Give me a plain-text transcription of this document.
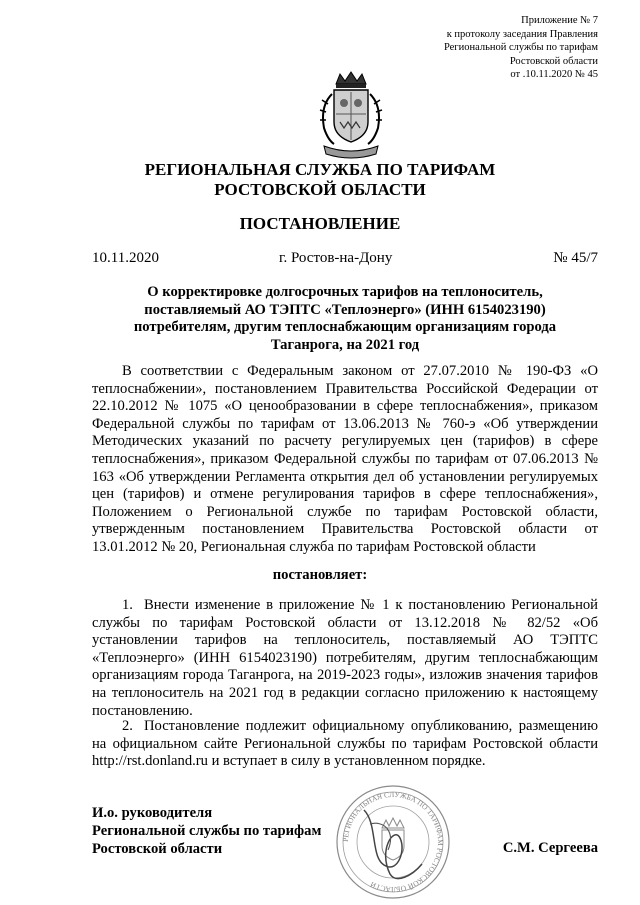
Приложение № 7
к протоколу заседания Правления
Региональной службы по тарифам
Ростовской области
от .10.11.2020 № 45
РЕГИОНАЛЬНАЯ СЛУЖБА ПО ТАРИФАМ
РОСТОВСКОЙ ОБЛАСТИ
ПОСТАНОВЛЕНИЕ
10.11.2020	г. Ростов-на-Дону	№ 45/7
О корректировке долгосрочных тарифов на теплоноситель,
поставляемый АО ТЭПТС «Теплоэнерго» (ИНН 6154023190)
потребителям, другим теплоснабжающим организациям города
Таганрога, на 2021 год

В соответствии с Федеральным законом от 27.07.2010 № 190-ФЗ «О теплоснабжении», постановлением Правительства Российской Федерации от 22.10.2012 № 1075 «О ценообразовании в сфере теплоснабжения», приказом Федеральной службы по тарифам от 13.06.2013 № 760-э «Об утверждении Методических указаний по расчету регулируемых цен (тарифов) в сфере теплоснабжения», приказом Федеральной службы по тарифам от 07.06.2013 № 163 «Об утверждении Регламента открытия дел об установлении регулируемых цен (тарифов) и отмене регулирования тарифов в сфере теплоснабжения», Положением о Региональной службе по тарифам Ростовской области, утвержденным постановлением Правительства Ростовской области от 13.01.2012 № 20, Региональная служба по тарифам Ростовской области

постановляет:

1. Внести изменение в приложение № 1 к постановлению Региональной службы по тарифам Ростовской области от 13.12.2018 № 82/52 «Об установлении тарифов на теплоноситель, поставляемый АО ТЭПТС «Теплоэнерго» (ИНН 6154023190) потребителям, другим теплоснабжающим организациям города Таганрога, на 2019-2023 годы», изложив значения тарифов на теплоноситель на 2021 год в редакции согласно приложению к настоящему постановлению.

2. Постановление подлежит официальному опубликованию, размещению на официальном сайте Региональной службы по тарифам Ростовской области http://rst.donland.ru и вступает в силу в установленном порядке.

РЕГИОНАЛЬНАЯ СЛУЖБА ПО ТАРИФАМ РОСТОВСКОЙ ОБЛАСТИ
И.о. руководителя
Региональной службы по тарифам
Ростовской области	С.М. Сергеева
